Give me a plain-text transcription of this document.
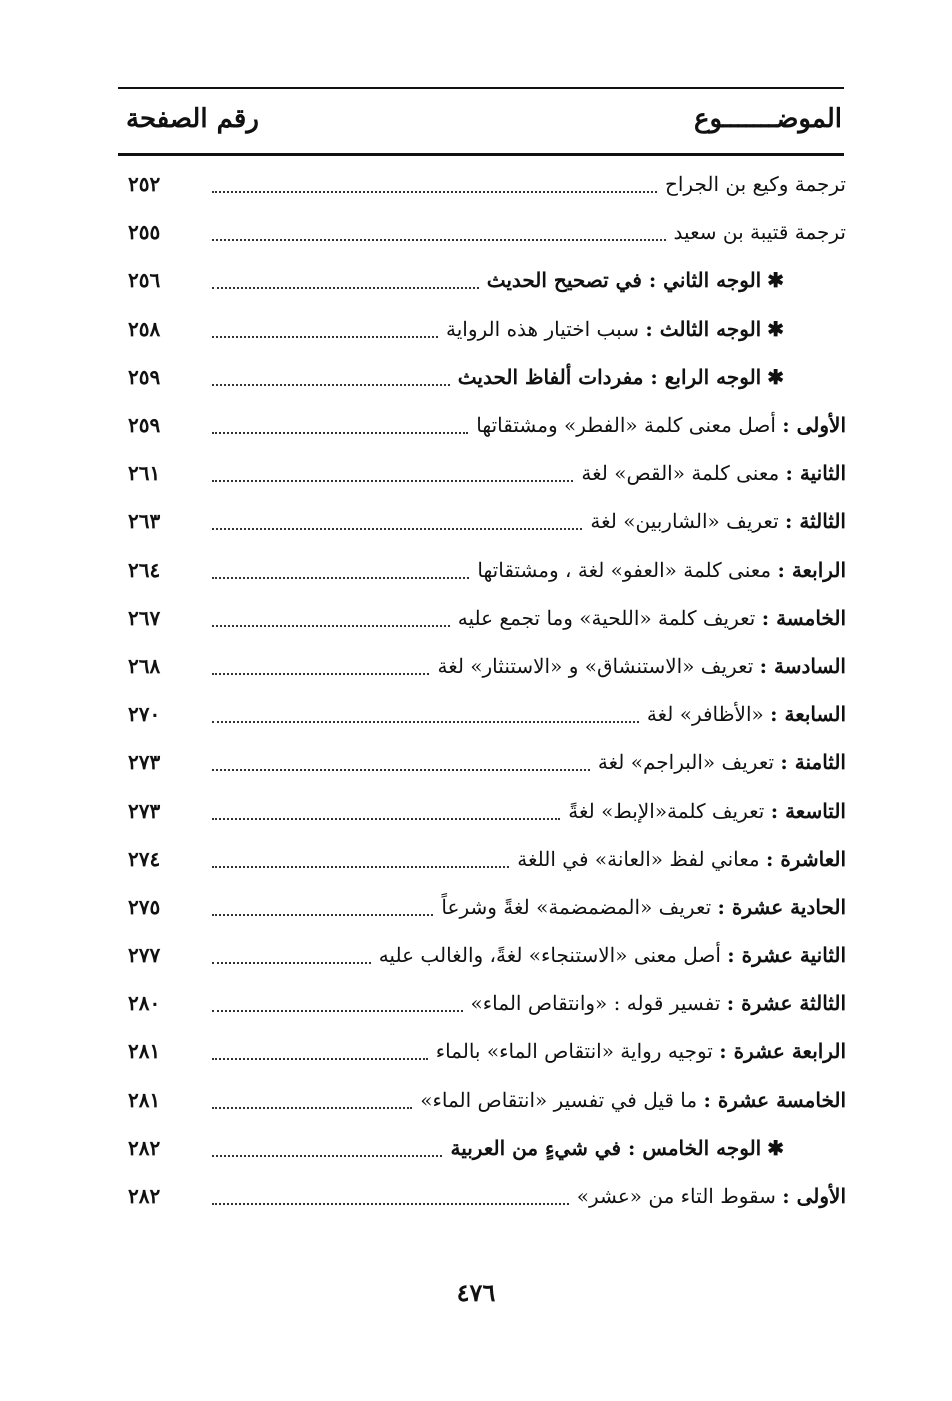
الموضـــــــوع
رقم الصفحة
ترجمة وكيع بن الجراح
٢٥٢
ترجمة قتيبة بن سعيد
٢٥٥
✱الوجه الثاني : في تصحيح الحديث
٢٥٦
✱الوجه الثالث : سبب اختيار هذه الرواية
٢٥٨
✱الوجه الرابع : مفردات ألفاظ الحديث
٢٥٩
الأولى : أصل معنى كلمة «الفطر» ومشتقاتها
٢٥٩
الثانية : معنى كلمة «القص» لغة
٢٦١
الثالثة : تعريف «الشاربين» لغة
٢٦٣
الرابعة : معنى كلمة «العفو» لغة ، ومشتقاتها
٢٦٤
الخامسة : تعريف كلمة «اللحية» وما تجمع عليه
٢٦٧
السادسة : تعريف «الاستنشاق» و «الاستنثار» لغة
٢٦٨
السابعة : «الأظافر» لغة
٢٧٠
الثامنة : تعريف «البراجم» لغة
٢٧٣
التاسعة : تعريف كلمة«الإبط» لغةً
٢٧٣
العاشرة : معاني لفظ «العانة» في اللغة
٢٧٤
الحادية عشرة : تعريف «المضمضمة» لغةً وشرعاً
٢٧٥
الثانية عشرة : أصل معنى «الاستنجاء» لغةً، والغالب عليه
٢٧٧
الثالثة عشرة : تفسير قوله : «وانتقاص الماء»
٢٨٠
الرابعة عشرة : توجيه رواية «انتقاص الماء» بالماء
٢٨١
الخامسة عشرة : ما قيل في تفسير «انتقاص الماء»
٢٨١
✱الوجه الخامس : في شيءٍ من العربية
٢٨٢
الأولى : سقوط التاء من «عشر»
٢٨٢
٤٧٦
